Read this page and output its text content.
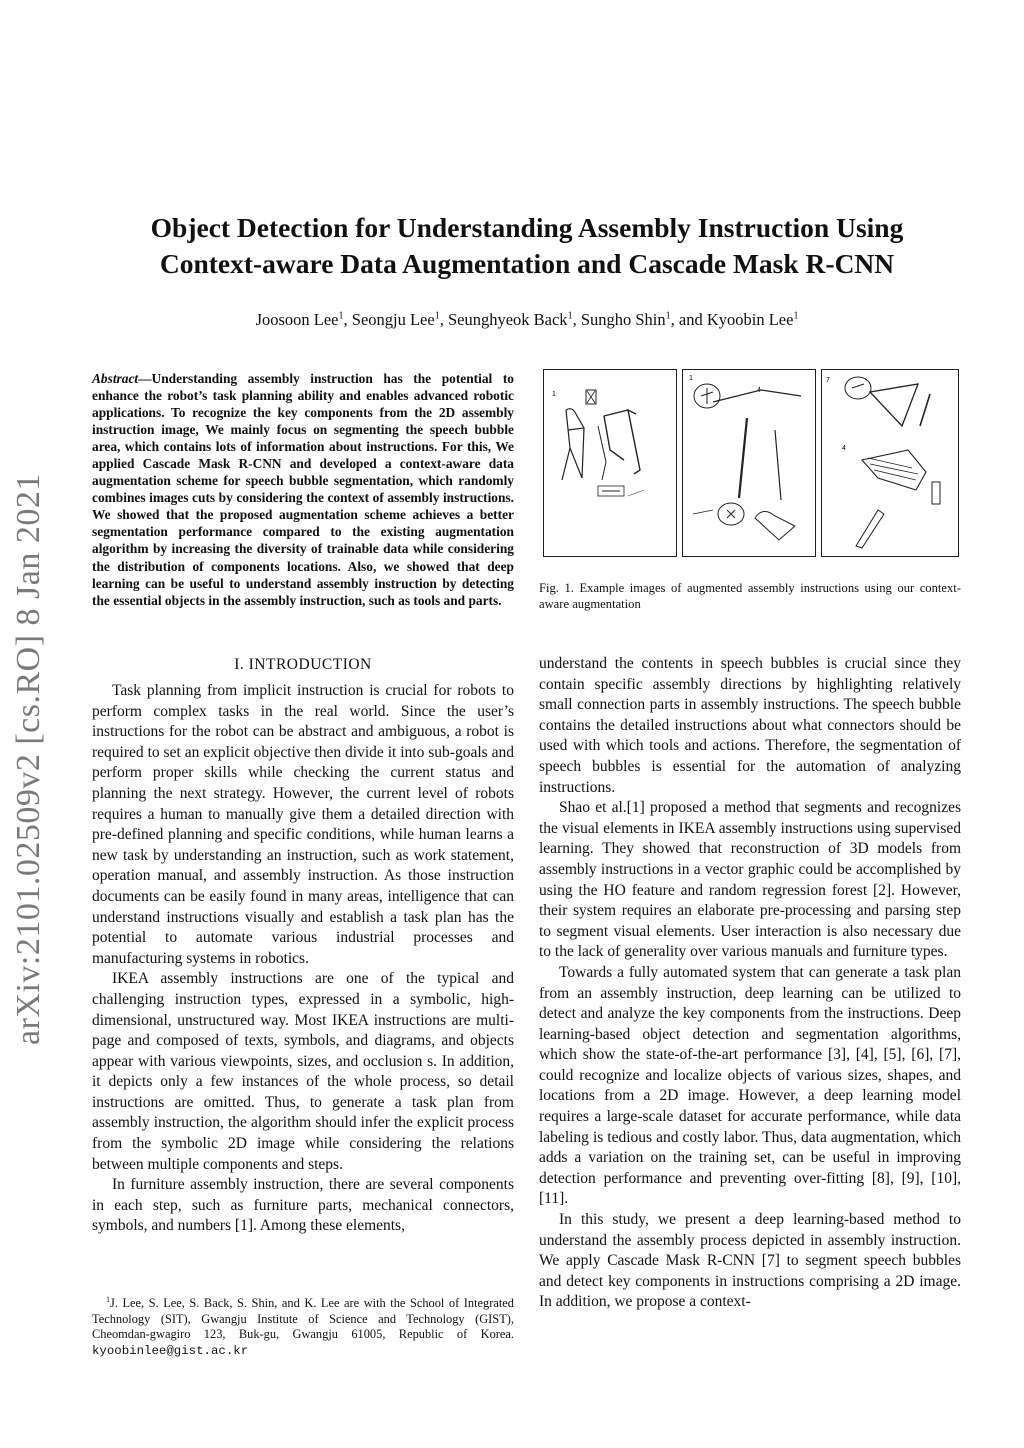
Object Detection for Understanding Assembly Instruction Using
Context-aware Data Augmentation and Cascade Mask R-CNN
Joosoon Lee$^1$, Seongju Lee$^1$, Seunghyeok Back$^1$, Sungho Shin$^1$, and Kyoobin Lee$^1$
arXiv:2101.02509v2 [cs.RO] 8 Jan 2021
Abstract—Understanding assembly instruction has the potential to enhance the robot’s task planning ability and enables advanced robotic applications. To recognize the key components from the 2D assembly instruction image, We mainly focus on segmenting the speech bubble area, which contains lots of information about instructions. For this, We applied Cascade Mask R-CNN and developed a context-aware data augmentation scheme for speech bubble segmentation, which randomly combines images cuts by considering the context of assembly instructions. We showed that the proposed augmentation scheme achieves a better segmentation performance compared to the existing augmentation algorithm by increasing the diversity of trainable data while considering the distribution of components locations. Also, we showed that deep learning can be useful to understand assembly instruction by detecting the essential objects in the assembly instruction, such as tools and parts.
I. INTRODUCTION

Task planning from implicit instruction is crucial for robots to perform complex tasks in the real world. Since the user’s instructions for the robot can be abstract and ambiguous, a robot is required to set an explicit objective then divide it into sub-goals and perform proper skills while checking the current status and planning the next strategy. However, the current level of robots requires a human to manually give them a detailed direction with pre-defined planning and specific conditions, while human learns a new task by understanding an instruction, such as work statement, operation manual, and assembly instruction. As those instruction documents can be easily found in many areas, intelligence that can understand instructions visually and establish a task plan has the potential to automate various industrial processes and manufacturing systems in robotics.

IKEA assembly instructions are one of the typical and challenging instruction types, expressed in a symbolic, high-dimensional, unstructured way. Most IKEA instructions are multi-page and composed of texts, symbols, and diagrams, and objects appear with various viewpoints, sizes, and occlusion s. In addition, it depicts only a few instances of the whole process, so detail instructions are omitted. Thus, to generate a task plan from assembly instruction, the algorithm should infer the explicit process from the symbolic 2D image while considering the relations between multiple components and steps.

In furniture assembly instruction, there are several components in each step, such as furniture parts, mechanical connectors, symbols, and numbers [1]. Among these elements,

$^1$J. Lee, S. Lee, S. Back, S. Shin, and K. Lee are with the School of Integrated Technology (SIT), Gwangju Institute of Science and Technology (GIST), Cheomdan-gwagiro 123, Buk-gu, Gwangju 61005, Republic of Korea. kyoobinlee@gist.ac.kr
1
1
4
7
4
Fig. 1. Example images of augmented assembly instructions using our context-aware augmentation

understand the contents in speech bubbles is crucial since they contain specific assembly directions by highlighting relatively small connection parts in assembly instructions. The speech bubble contains the detailed instructions about what connectors should be used with which tools and actions. Therefore, the segmentation of speech bubbles is essential for the automation of analyzing instructions.

Shao et al.[1] proposed a method that segments and recognizes the visual elements in IKEA assembly instructions using supervised learning. They showed that reconstruction of 3D models from assembly instructions in a vector graphic could be accomplished by using the HO feature and random regression forest [2]. However, their system requires an elaborate pre-processing and parsing step to segment visual elements. User interaction is also necessary due to the lack of generality over various manuals and furniture types.

Towards a fully automated system that can generate a task plan from an assembly instruction, deep learning can be utilized to detect and analyze the key components from the instructions. Deep learning-based object detection and segmentation algorithms, which show the state-of-the-art performance [3], [4], [5], [6], [7], could recognize and localize objects of various sizes, shapes, and locations from a 2D image. However, a deep learning model requires a large-scale dataset for accurate performance, while data labeling is tedious and costly labor. Thus, data augmentation, which adds a variation on the training set, can be useful in improving detection performance and preventing over-fitting [8], [9], [10], [11].

In this study, we present a deep learning-based method to understand the assembly process depicted in assembly instruction. We apply Cascade Mask R-CNN [7] to segment speech bubbles and detect key components in instructions comprising a 2D image. In addition, we propose a context-
